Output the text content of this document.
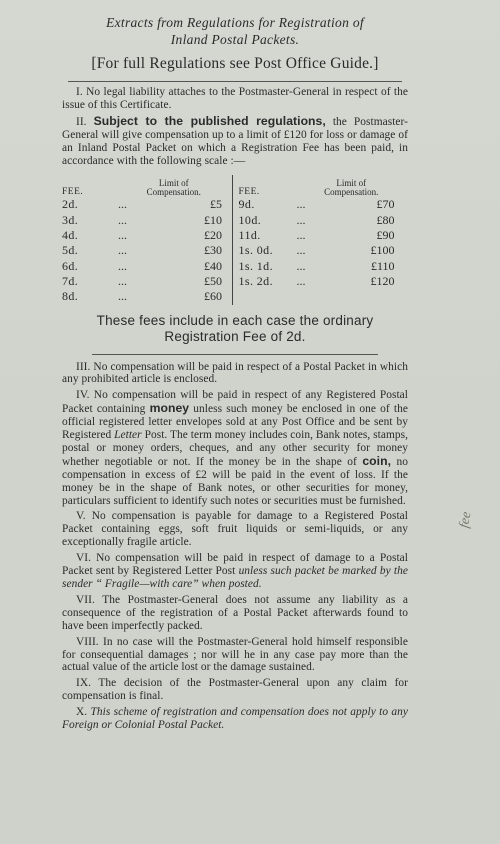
Extracts from Regulations for Registration of
Inland Postal Packets.
[For full Regulations see Post Office Guide.]

I. No legal liability attaches to the Postmaster-General in respect of the issue of this Certificate.

II. Subject to the published regulations, the Postmaster-General will give compensation up to a limit of £120 for loss or damage of an Inland Postal Packet on which a Registration Fee has been paid, in accordance with the following scale :—

FEE.
Limit of
Compensation.
2d.	...	£5
3d.	...	£10
4d.	...	£20
5d.	...	£30
6d.	...	£40
7d.	...	£50
8d.	...	£60
FEE.
Limit of
Compensation.
9d.	...	£70
10d.	...	£80
11d.	...	£90
1s. 0d.	...	£100
1s. 1d.	...	£110
1s. 2d.	...	£120
These fees include in each case the ordinary
Registration Fee of 2d.

III. No compensation will be paid in respect of a Postal Packet in which any prohibited article is enclosed.

IV. No compensation will be paid in respect of any Registered Postal Packet containing money unless such money be enclosed in one of the official registered letter envelopes sold at any Post Office and be sent by Registered Letter Post. The term money includes coin, Bank notes, stamps, postal or money orders, cheques, and any other security for money whether negotiable or not. If the money be in the shape of coin, no compensation in excess of £2 will be paid in the event of loss. If the money be in the shape of Bank notes, or other securities for money, particulars sufficient to identify such notes or securities must be furnished.

V. No compensation is payable for damage to a Registered Postal Packet containing eggs, soft fruit liquids or semi-liquids, or any exceptionally fragile article.

VI. No compensation will be paid in respect of damage to a Postal Packet sent by Registered Letter Post unless such packet be marked by the sender “ Fragile—with care” when posted.

VII. The Postmaster-General does not assume any liability as a consequence of the registration of a Postal Packet afterwards found to have been imperfectly packed.

VIII. In no case will the Postmaster-General hold himself responsible for consequential damages ; nor will he in any case pay more than the actual value of the article lost or the damage sustained.

IX. The decision of the Postmaster-General upon any claim for compensation is final.

X. This scheme of registration and compensation does not apply to any Foreign or Colonial Postal Packet.

fee
